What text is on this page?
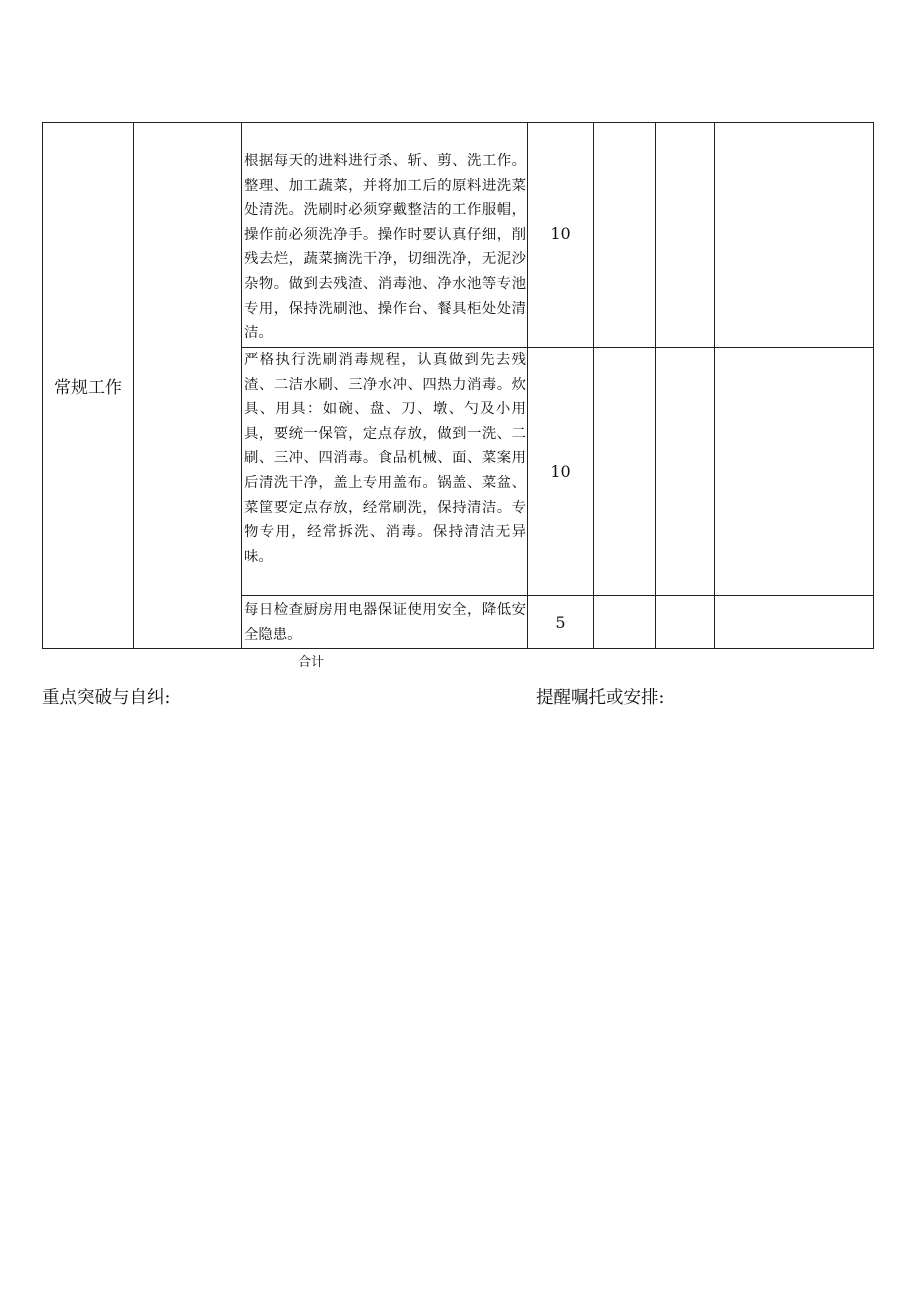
常规工作		根据每天的进料进行杀、斩、剪、洗工作。整理、加工蔬菜，并将加工后的原料进洗菜处清洗。洗刷时必须穿戴整洁的工作服帽，操作前必须洗净手。操作时要认真仔细，削残去烂，蔬菜摘洗干净，切细洗净，无泥沙杂物。做到去残渣、消毒池、净水池等专池专用，保持洗刷池、操作台、餐具柜处处清洁。	10			

		严格执行洗刷消毒规程，认真做到先去残渣、二洁水刷、三净水冲、四热力消毒。炊具、用具：如碗、盘、刀、墩、勺及小用具，要统一保管，定点存放，做到一洗、二刷、三冲、四消毒。食品机械、面、菜案用后清洗干净，盖上专用盖布。锅盖、菜盆、菜筐要定点存放，经常刷洗，保持清洁。专物专用，经常拆洗、消毒。保持清洁无异味。	10			

		每日检查厨房用电器保证使用安全，降低安全隐患。	5			
合计
重点突破与自纠:	提醒嘱托或安排:
